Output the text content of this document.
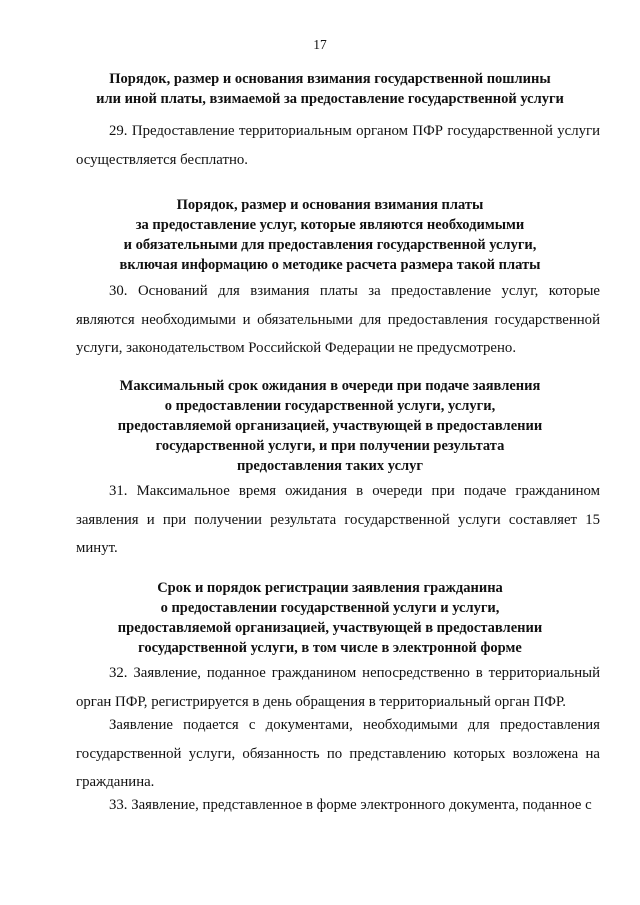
17
Порядок, размер и основания взимания государственной пошлины
или иной платы, взимаемой за предоставление государственной услуги

29. Предоставление территориальным органом ПФР государственной услуги осуществляется бесплатно.

Порядок, размер и основания взимания платы
за предоставление услуг, которые являются необходимыми
и обязательными для предоставления государственной услуги,
включая информацию о методике расчета размера такой платы

30. Оснований для взимания платы за предоставление услуг, которые являются необходимыми и обязательными для предоставления государственной услуги, законодательством Российской Федерации не предусмотрено.

Максимальный срок ожидания в очереди при подаче заявления
о предоставлении государственной услуги, услуги,
предоставляемой организацией, участвующей в предоставлении
государственной услуги, и при получении результата
предоставления таких услуг

31. Максимальное время ожидания в очереди при подаче гражданином заявления и при получении результата государственной услуги составляет 15 минут.

Срок и порядок регистрации заявления гражданина
о предоставлении государственной услуги и услуги,
предоставляемой организацией, участвующей в предоставлении
государственной услуги, в том числе в электронной форме

32. Заявление, поданное гражданином непосредственно в территориальный орган ПФР, регистрируется в день обращения в территориальный орган ПФР.

Заявление подается с документами, необходимыми для предоставления государственной услуги, обязанность по представлению которых возложена на гражданина.

33. Заявление, представленное в форме электронного документа, поданное с
